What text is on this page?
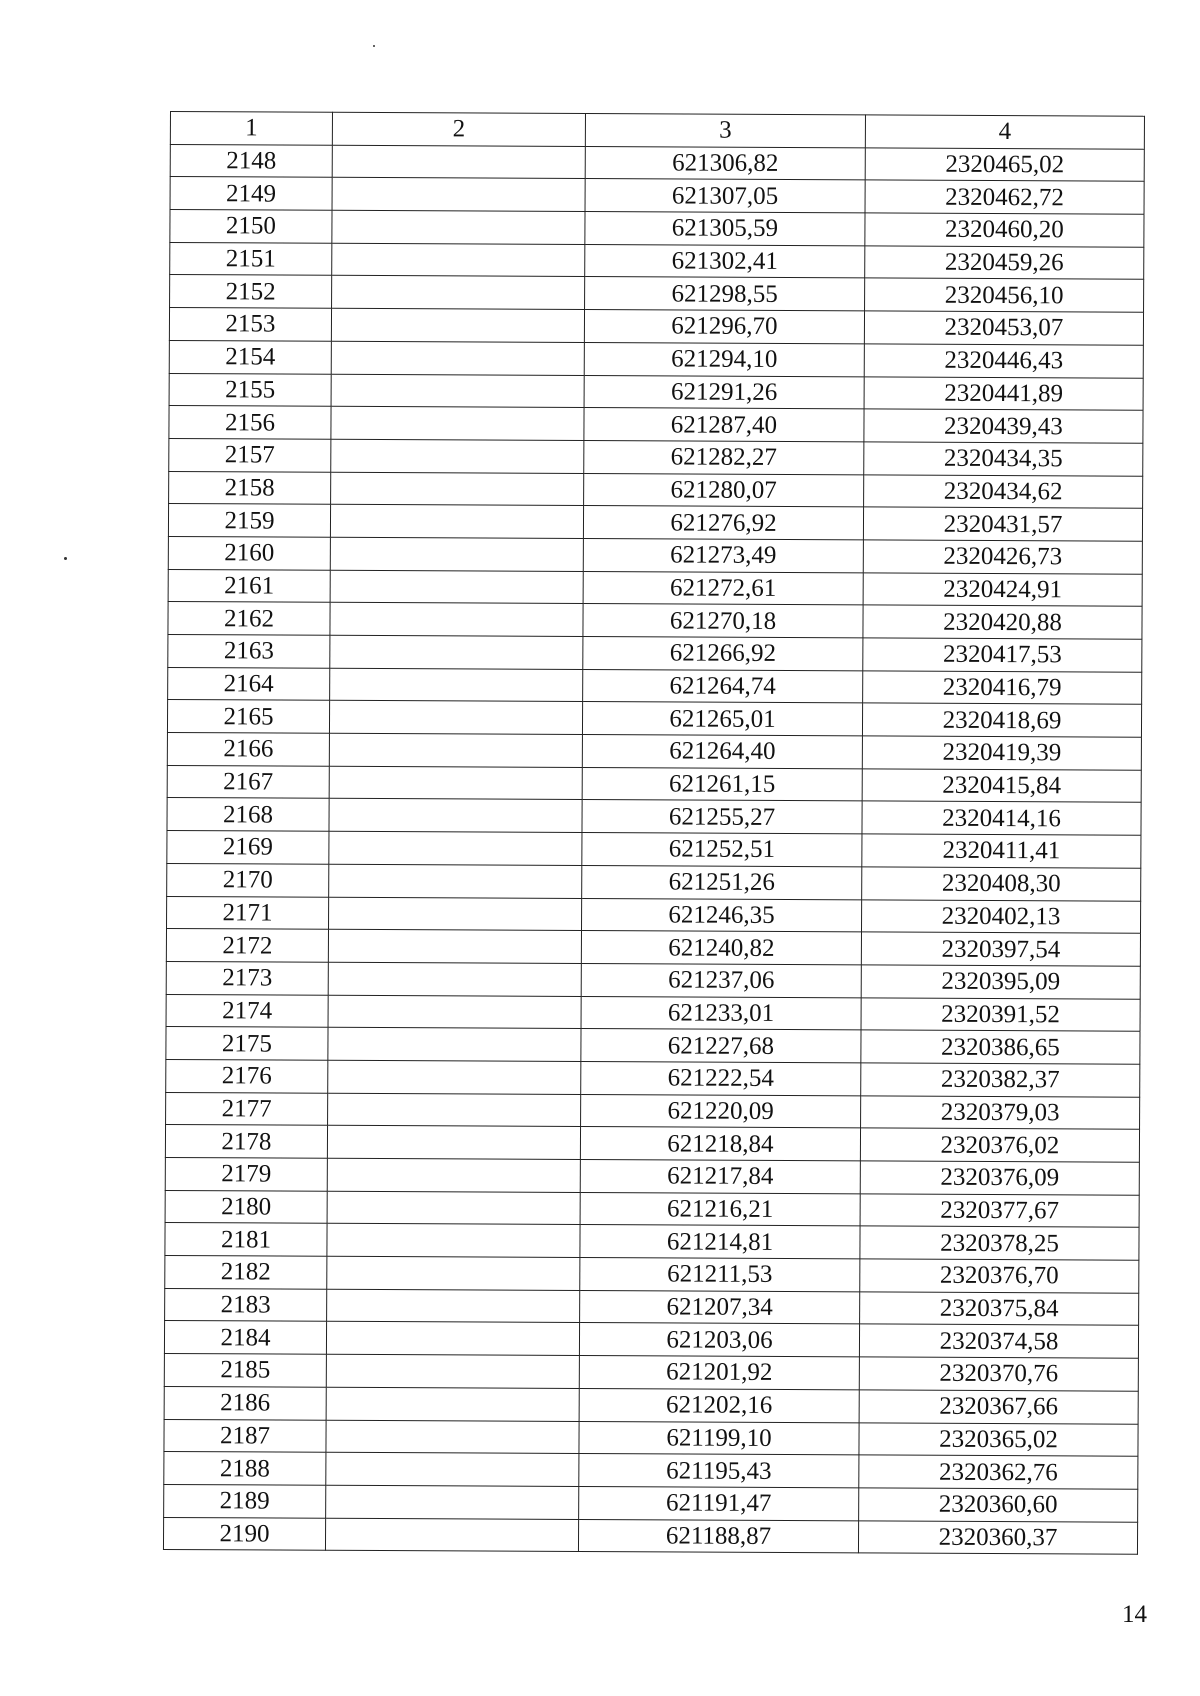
1	2	3	4
2148		621306,82	2320465,02
2149		621307,05	2320462,72
2150		621305,59	2320460,20
2151		621302,41	2320459,26
2152		621298,55	2320456,10
2153		621296,70	2320453,07
2154		621294,10	2320446,43
2155		621291,26	2320441,89
2156		621287,40	2320439,43
2157		621282,27	2320434,35
2158		621280,07	2320434,62
2159		621276,92	2320431,57
2160		621273,49	2320426,73
2161		621272,61	2320424,91
2162		621270,18	2320420,88
2163		621266,92	2320417,53
2164		621264,74	2320416,79
2165		621265,01	2320418,69
2166		621264,40	2320419,39
2167		621261,15	2320415,84
2168		621255,27	2320414,16
2169		621252,51	2320411,41
2170		621251,26	2320408,30
2171		621246,35	2320402,13
2172		621240,82	2320397,54
2173		621237,06	2320395,09
2174		621233,01	2320391,52
2175		621227,68	2320386,65
2176		621222,54	2320382,37
2177		621220,09	2320379,03
2178		621218,84	2320376,02
2179		621217,84	2320376,09
2180		621216,21	2320377,67
2181		621214,81	2320378,25
2182		621211,53	2320376,70
2183		621207,34	2320375,84
2184		621203,06	2320374,58
2185		621201,92	2320370,76
2186		621202,16	2320367,66
2187		621199,10	2320365,02
2188		621195,43	2320362,76
2189		621191,47	2320360,60
2190		621188,87	2320360,37
14
